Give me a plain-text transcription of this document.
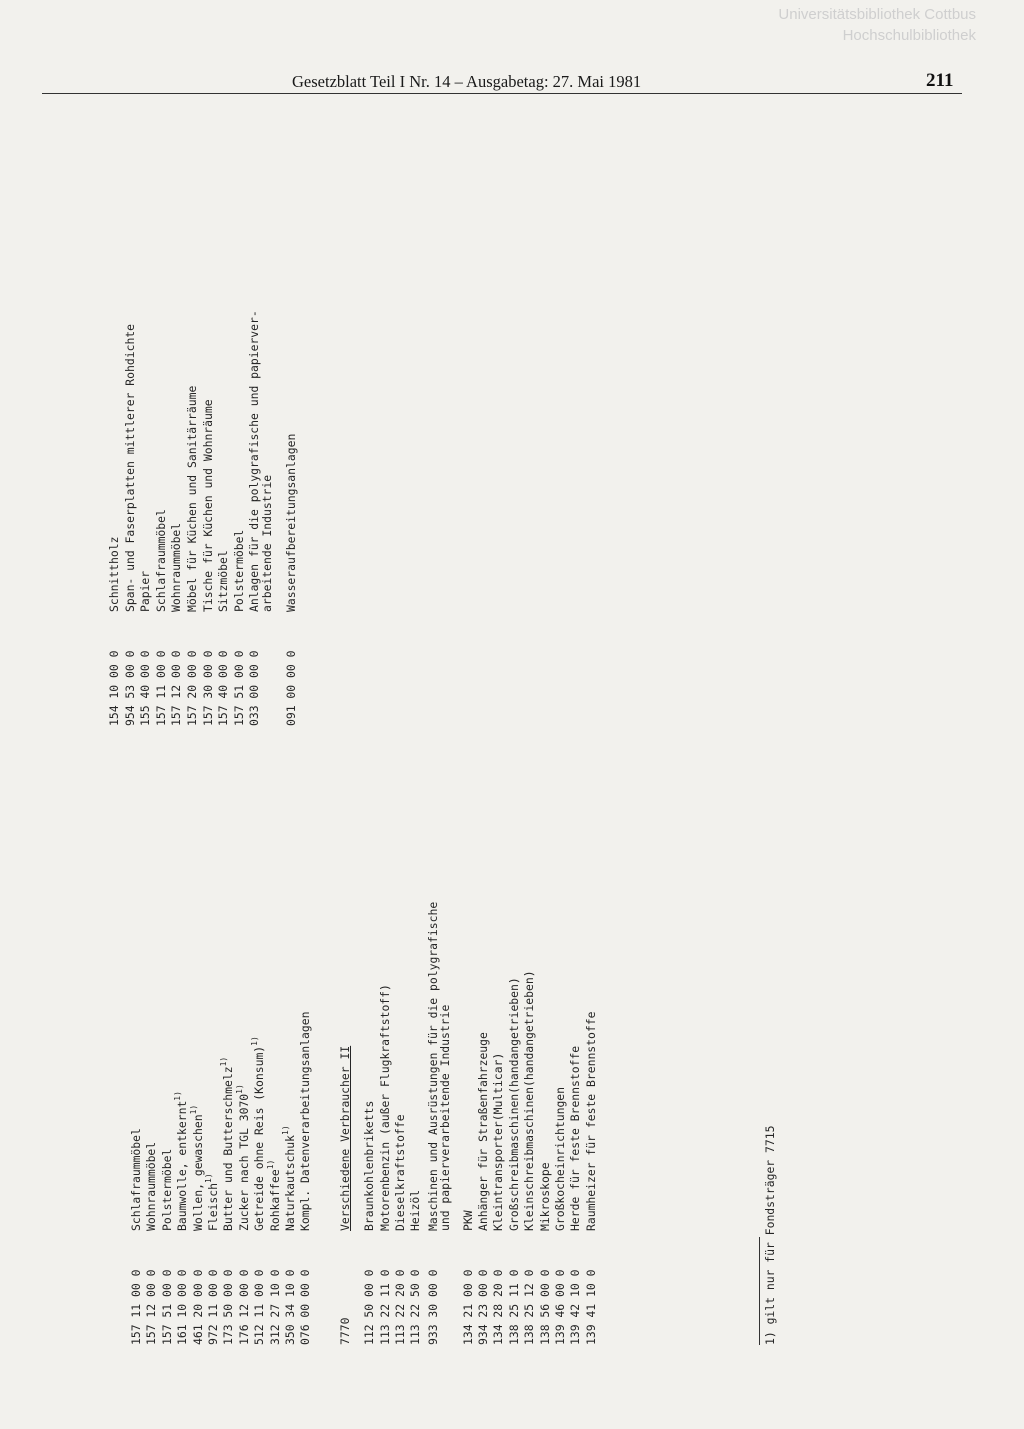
Universitätsbibliothek Cottbus
Hochschulbibliothek
Gesetzblatt Teil I Nr. 14 – Ausgabetag: 27. Mai 1981	211
157 11 00 0Schlafraummöbel
157 12 00 0Wohnraummöbel
157 51 00 0Polstermöbel
161 10 00 0Baumwolle, entkernt$^{1)}$
461 20 00 0Wollen, gewaschen$^{1)}$
972 11 00 0Fleisch$^{1)}$
173 50 00 0Butter und Butterschmelz$^{1)}$
176 12 00 0Zucker nach TGL 3070$^{1)}$
512 11 00 0Getreide ohne Reis (Konsum)$^{1)}$
312 27 10 0Rohkaffee$^{1)}$
350 34 10 0Naturkautschuk$^{1)}$
076 00 00 0Kompl. Datenverarbeitungsanlagen
7770Verschiedene Verbraucher II
112 50 00 0Braunkohlenbriketts
113 22 11 0Motorenbenzin (außer Flugkraftstoff)
113 22 20 0Dieselkraftstoffe
113 22 50 0Heizöl
933 30 00 0Maschinen und Ausrüstungen für die polygrafische
und papierverarbeitende Industrie
134 21 00 0PKW
934 23 00 0Anhänger für Straßenfahrzeuge
134 28 20 0Kleintransporter(Multicar)
138 25 11 0Großschreibmaschinen(handangetrieben)
138 25 12 0Kleinschreibmaschinen(handangetrieben)
138 56 00 0Mikroskope
139 46 00 0Großkocheinrichtungen
139 42 10 0Herde für feste Brennstoffe
139 41 10 0Raumheizer für feste Brennstoffe
1) gilt nur für Fondsträger 7715
154 10 00 0Schnittholz
954 53 00 0Span- und Faserplatten mittlerer Rohdichte
155 40 00 0Papier
157 11 00 0Schlafraummöbel
157 12 00 0Wohnraummöbel
157 20 00 0Möbel für Küchen und Sanitärräume
157 30 00 0Tische für Küchen und Wohnräume
157 40 00 0Sitzmöbel
157 51 00 0Polstermöbel
033 00 00 0Anlagen für die polygrafische und papierver-
arbeitende Industrie
091 00 00 0Wasseraufbereitungsanlagen
